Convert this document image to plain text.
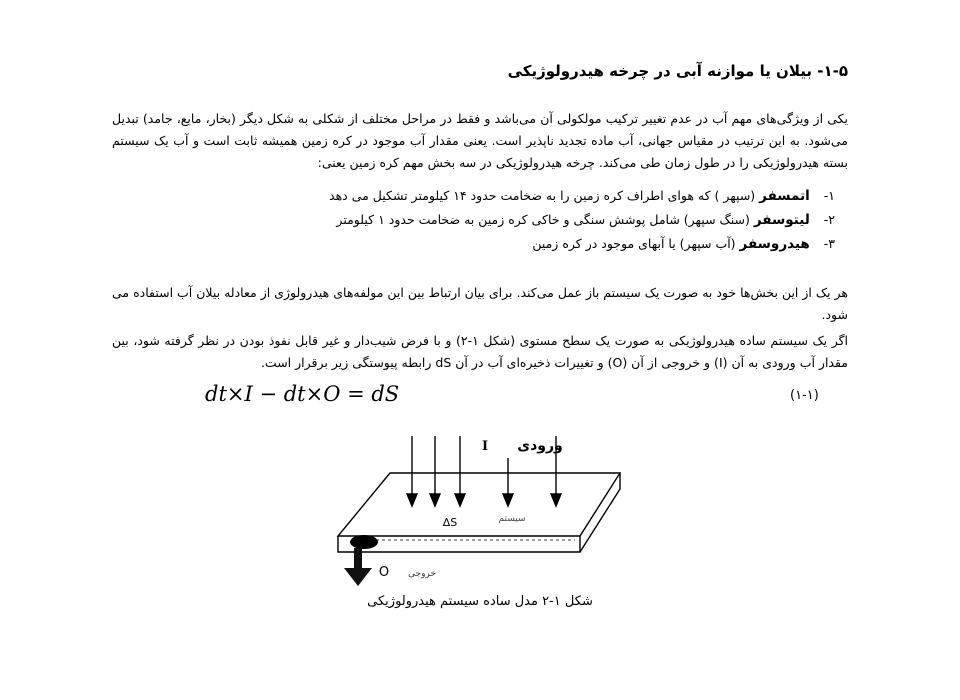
۱-۵- بیلان یا موازنه آبی در چرخه هیدرولوژیکی
یکی از ویژگی‌های مهم آب در عدم تغییر ترکیب مولکولی آن می‌باشد و فقط در مراحل مختلف از شکلی به شکل دیگر (بخار، مایع، جامد) تبدیل می‌شود. به این ترتیب در مقیاس جهانی، آب ماده تجدید ناپذیر است. یعنی مقدار آب موجود در کره زمین همیشه ثابت است و آب یک سیستم بسته هیدرولوژیکی را در طول زمان طی می‌کند. چرخه هیدرولوژیکی در سه بخش مهم کره زمین یعنی:
۱- اتمسفر (سپهر ) که هوای اطراف کره زمین را به ضخامت حدود ۱۴ کیلومتر تشکیل می دهد
۲- لیتوسفر (سنگ سپهر) شامل پوشش سنگی و خاکی کره زمین به ضخامت حدود ۱ کیلومتر
۳- هیدروسفر (آب سپهر) یا آبهای موجود در کره زمین
هر یک از این بخش‌ها خود به صورت یک سیستم باز عمل می‌کند. برای بیان ارتباط بین این مولفه‌های هیدرولوژی از معادله بیلان آب استفاده می شود.
اگر یک سیستم ساده هیدرولوژیکی به صورت یک سطح مستوی (شکل ۱-۲) و با فرض شیب‌دار و غیر قابل نفوذ بودن در نظر گرفته شود، بین مقدار آب ورودی به آن (I) و خروجی از آن (O) و تغییرات ذخیره‌ای آب در آن dS رابطه پیوستگی زیر برقرار است.
dt×I − dt×O = dS	(۱-۱)
ورودی
I
ΔS	سیستم
O خروجی
شکل ۱-۲ مدل ساده سیستم هیدرولوژیکی
